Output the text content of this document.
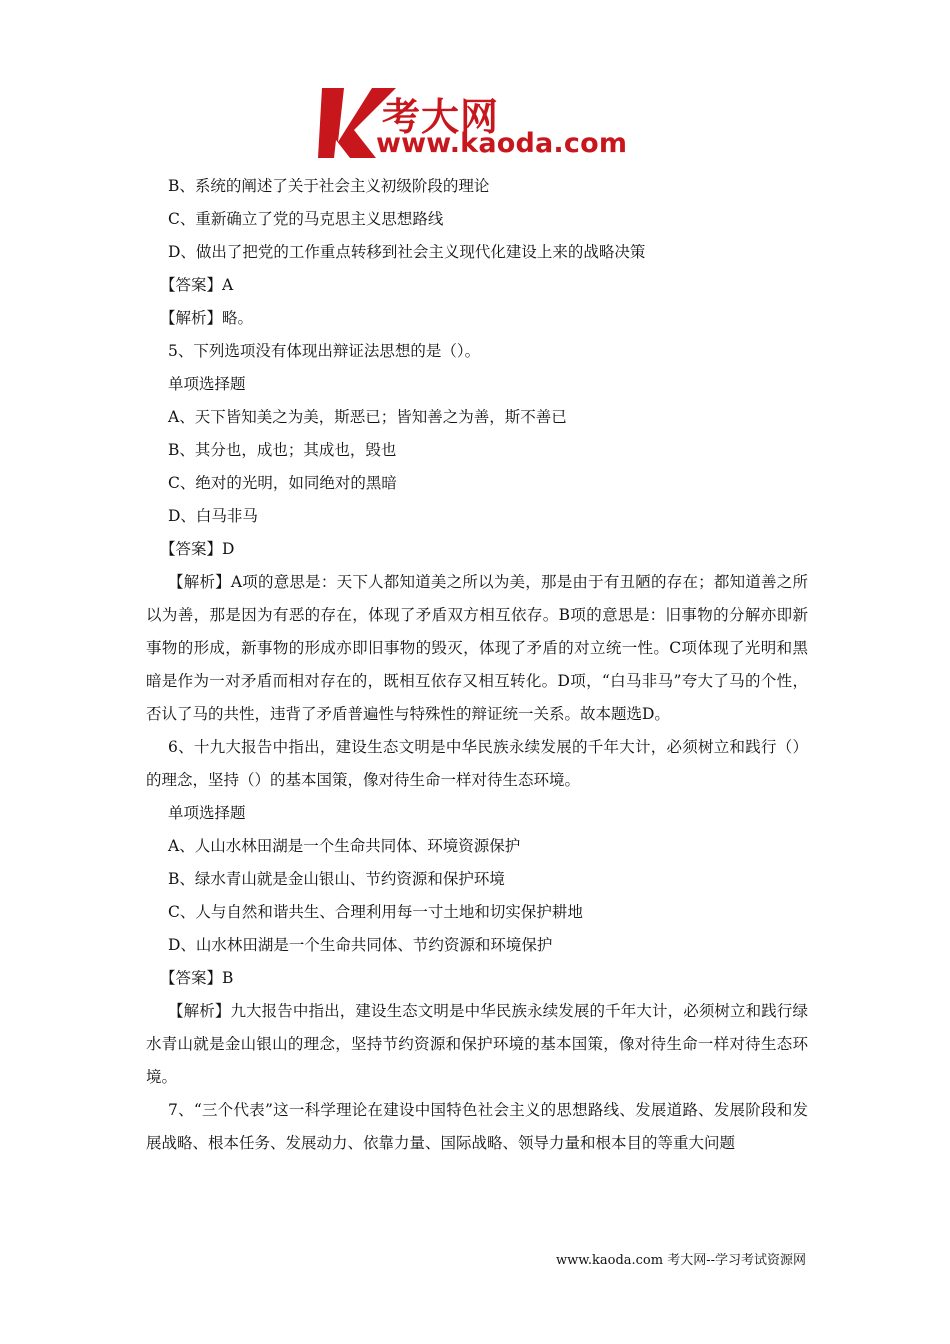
考大网
www.kaoda.com
B、系统的阐述了关于社会主义初级阶段的理论
C、重新确立了党的马克思主义思想路线
D、做出了把党的工作重点转移到社会主义现代化建设上来的战略决策
【答案】A
【解析】略。
5、下列选项没有体现出辩证法思想的是（）。
单项选择题
A、天下皆知美之为美，斯恶已；皆知善之为善，斯不善已
B、其分也，成也；其成也，毁也
C、绝对的光明，如同绝对的黑暗
D、白马非马
【答案】D
【解析】A项的意思是：天下人都知道美之所以为美，那是由于有丑陋的存在；都知道善之所以为善，那是因为有恶的存在，体现了矛盾双方相互依存。B项的意思是：旧事物的分解亦即新事物的形成，新事物的形成亦即旧事物的毁灭，体现了矛盾的对立统一性。C项体现了光明和黑暗是作为一对矛盾而相对存在的，既相互依存又相互转化。D项，“白马非马”夸大了马的个性，否认了马的共性，违背了矛盾普遍性与特殊性的辩证统一关系。故本题选D。
6、十九大报告中指出，建设生态文明是中华民族永续发展的千年大计，必须树立和践行（）的理念，坚持（）的基本国策，像对待生命一样对待生态环境。
单项选择题
A、人山水林田湖是一个生命共同体、环境资源保护
B、绿水青山就是金山银山、节约资源和保护环境
C、人与自然和谐共生、合理利用每一寸土地和切实保护耕地
D、山水林田湖是一个生命共同体、节约资源和环境保护
【答案】B
【解析】九大报告中指出，建设生态文明是中华民族永续发展的千年大计，必须树立和践行绿水青山就是金山银山的理念，坚持节约资源和保护环境的基本国策，像对待生命一样对待生态环境。
7、“三个代表”这一科学理论在建设中国特色社会主义的思想路线、发展道路、发展阶段和发展战略、根本任务、发展动力、依靠力量、国际战略、领导力量和根本目的等重大问题
www.kaoda.com 考大网--学习考试资源网
